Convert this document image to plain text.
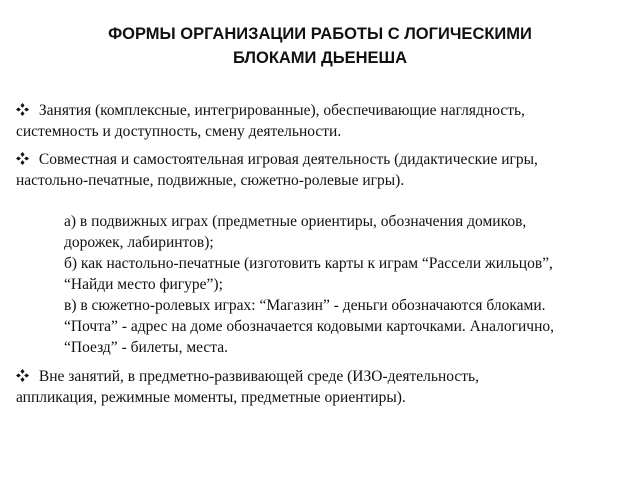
ФОРМЫ ОРГАНИЗАЦИИ РАБОТЫ С ЛОГИЧЕСКИМИ
БЛОКАМИ ДЬЕНЕША
Занятия (комплексные, интегрированные), обеспечивающие наглядность,
системность и доступность, смену деятельности.
Совместная и самостоятельная игровая деятельность (дидактические игры,
настольно-печатные, подвижные, сюжетно-ролевые игры).
а) в подвижных играх (предметные ориентиры, обозначения домиков,
дорожек, лабиринтов);
б) как настольно-печатные (изготовить карты к играм “Рассели жильцов”,
“Найди место фигуре”);
в) в сюжетно-ролевых играх: “Магазин” - деньги обозначаются блоками.
“Почта” - адрес на доме обозначается кодовыми карточками. Аналогично,
“Поезд” - билеты, места.
Вне занятий, в предметно-развивающей среде (ИЗО-деятельность,
аппликация, режимные моменты, предметные ориентиры).
